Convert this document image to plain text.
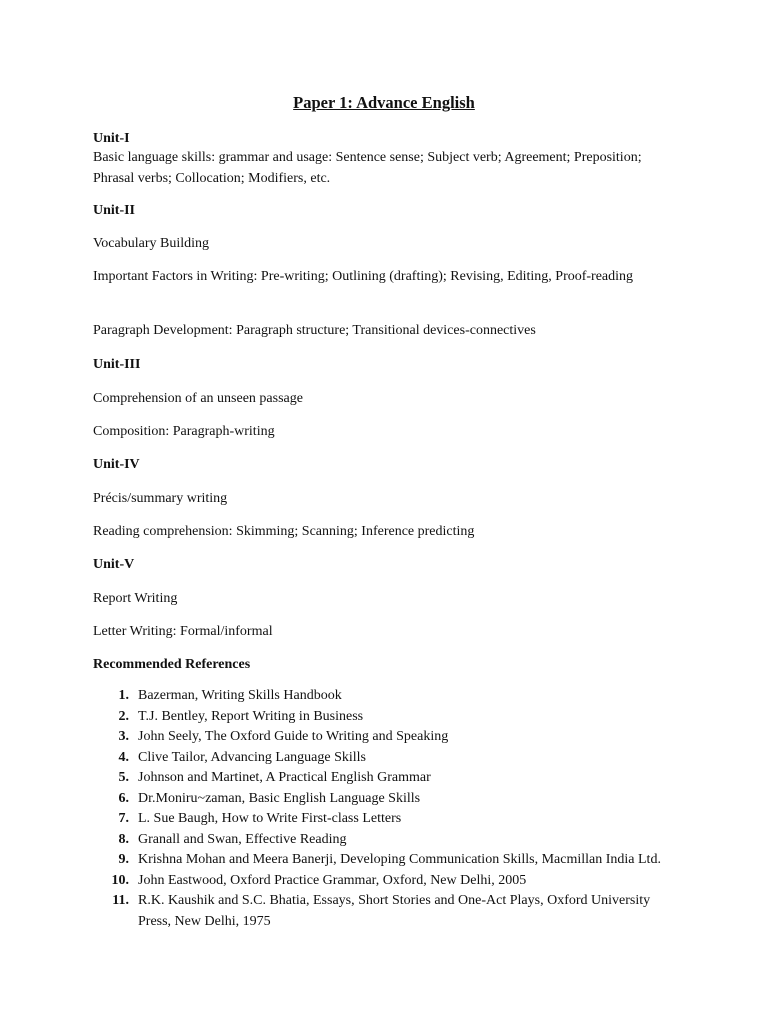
Paper 1: Advance English
Unit-I
Basic language skills: grammar and usage: Sentence sense; Subject verb; Agreement; Preposition; Phrasal verbs; Collocation; Modifiers, etc.
Unit-II
Vocabulary Building
Important Factors in Writing: Pre-writing; Outlining (drafting); Revising, Editing, Proof-reading
Paragraph Development: Paragraph structure; Transitional devices-connectives
Unit-III
Comprehension of an unseen passage
Composition: Paragraph-writing
Unit-IV
Précis/summary writing
Reading comprehension: Skimming; Scanning; Inference predicting
Unit-V
Report Writing
Letter Writing: Formal/informal
Recommended References
1. Bazerman, Writing Skills Handbook
2. T.J. Bentley, Report Writing in Business
3. John Seely, The Oxford Guide to Writing and Speaking
4. Clive Tailor, Advancing Language Skills
5. Johnson and Martinet, A Practical English Grammar
6. Dr.Moniru~zaman, Basic English Language Skills
7. L. Sue Baugh, How to Write First-class Letters
8. Granall and Swan, Effective Reading
9. Krishna Mohan and Meera Banerji, Developing Communication Skills, Macmillan India Ltd.
10. John Eastwood, Oxford Practice Grammar, Oxford, New Delhi, 2005
11. R.K. Kaushik and S.C. Bhatia, Essays, Short Stories and One-Act Plays, Oxford University Press, New Delhi, 1975
